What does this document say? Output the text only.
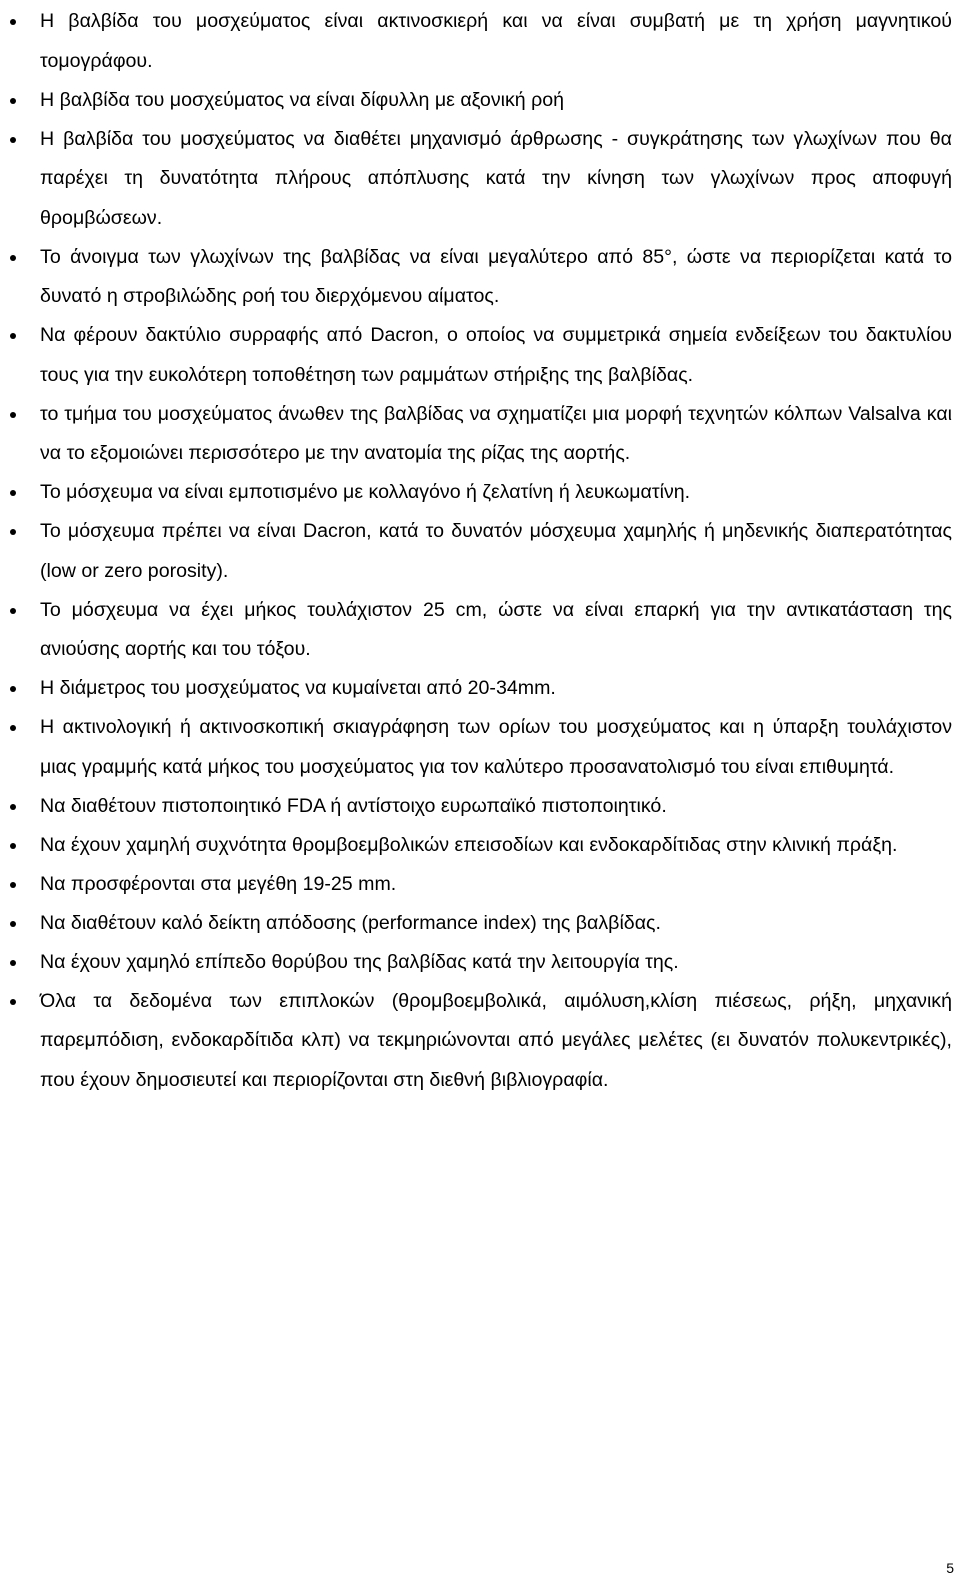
Η βαλβίδα του μοσχεύματος είναι ακτινοσκιερή και να είναι συμβατή με τη χρήση μαγνητικού τομογράφου.
Η βαλβίδα του μοσχεύματος να είναι δίφυλλη με αξονική ροή
Η βαλβίδα του μοσχεύματος να διαθέτει μηχανισμό άρθρωσης - συγκράτησης των γλωχίνων που θα παρέχει τη δυνατότητα πλήρους απόπλυσης κατά την κίνηση των γλωχίνων προς αποφυγή θρομβώσεων.
Το άνοιγμα των γλωχίνων της βαλβίδας να είναι μεγαλύτερο από 85°, ώστε να περιορίζεται κατά το δυνατό η στροβιλώδης ροή του διερχόμενου αίματος.
Να φέρουν δακτύλιο συρραφής από Dacron, ο οποίος να συμμετρικά σημεία ενδείξεων του δακτυλίου τους για την ευκολότερη τοποθέτηση των ραμμάτων στήριξης της βαλβίδας.
το τμήμα του μοσχεύματος άνωθεν της βαλβίδας να σχηματίζει μια μορφή τεχνητών κόλπων Valsalva και να το εξομοιώνει περισσότερο με την ανατομία της ρίζας της αορτής.
Το μόσχευμα να είναι εμποτισμένο με κολλαγόνο ή ζελατίνη ή λευκωματίνη.
Το μόσχευμα πρέπει να είναι Dacron, κατά το δυνατόν μόσχευμα χαμηλής ή μηδενικής διαπερατότητας (low or zero porosity).
Το μόσχευμα να έχει μήκος τουλάχιστον 25 cm, ώστε να είναι επαρκή για την αντικατάσταση της ανιούσης αορτής και του τόξου.
Η διάμετρος του μοσχεύματος να κυμαίνεται από 20-34mm.
Η ακτινολογική ή ακτινοσκοπική σκιαγράφηση των ορίων του μοσχεύματος και η ύπαρξη τουλάχιστον μιας γραμμής κατά μήκος του μοσχεύματος για τον καλύτερο προσανατολισμό του είναι επιθυμητά.
Να διαθέτουν πιστοποιητικό FDA ή αντίστοιχο ευρωπαϊκό πιστοποιητικό.
Να έχουν χαμηλή συχνότητα θρομβοεμβολικών επεισοδίων και ενδοκαρδίτιδας στην κλινική πράξη.
Να προσφέρονται στα μεγέθη 19-25 mm.
Να διαθέτουν καλό δείκτη απόδοσης (performance index) της βαλβίδας.
Να έχουν χαμηλό επίπεδο θορύβου της βαλβίδας κατά την λειτουργία της.
Όλα τα δεδομένα των επιπλοκών (θρομβοεμβολικά, αιμόλυση,κλίση πιέσεως, ρήξη, μηχανική παρεμπόδιση, ενδοκαρδίτιδα κλπ) να τεκμηριώνονται από μεγάλες μελέτες (ει δυνατόν πολυκεντρικές), που έχουν δημοσιευτεί και περιορίζονται στη διεθνή βιβλιογραφία.
5
